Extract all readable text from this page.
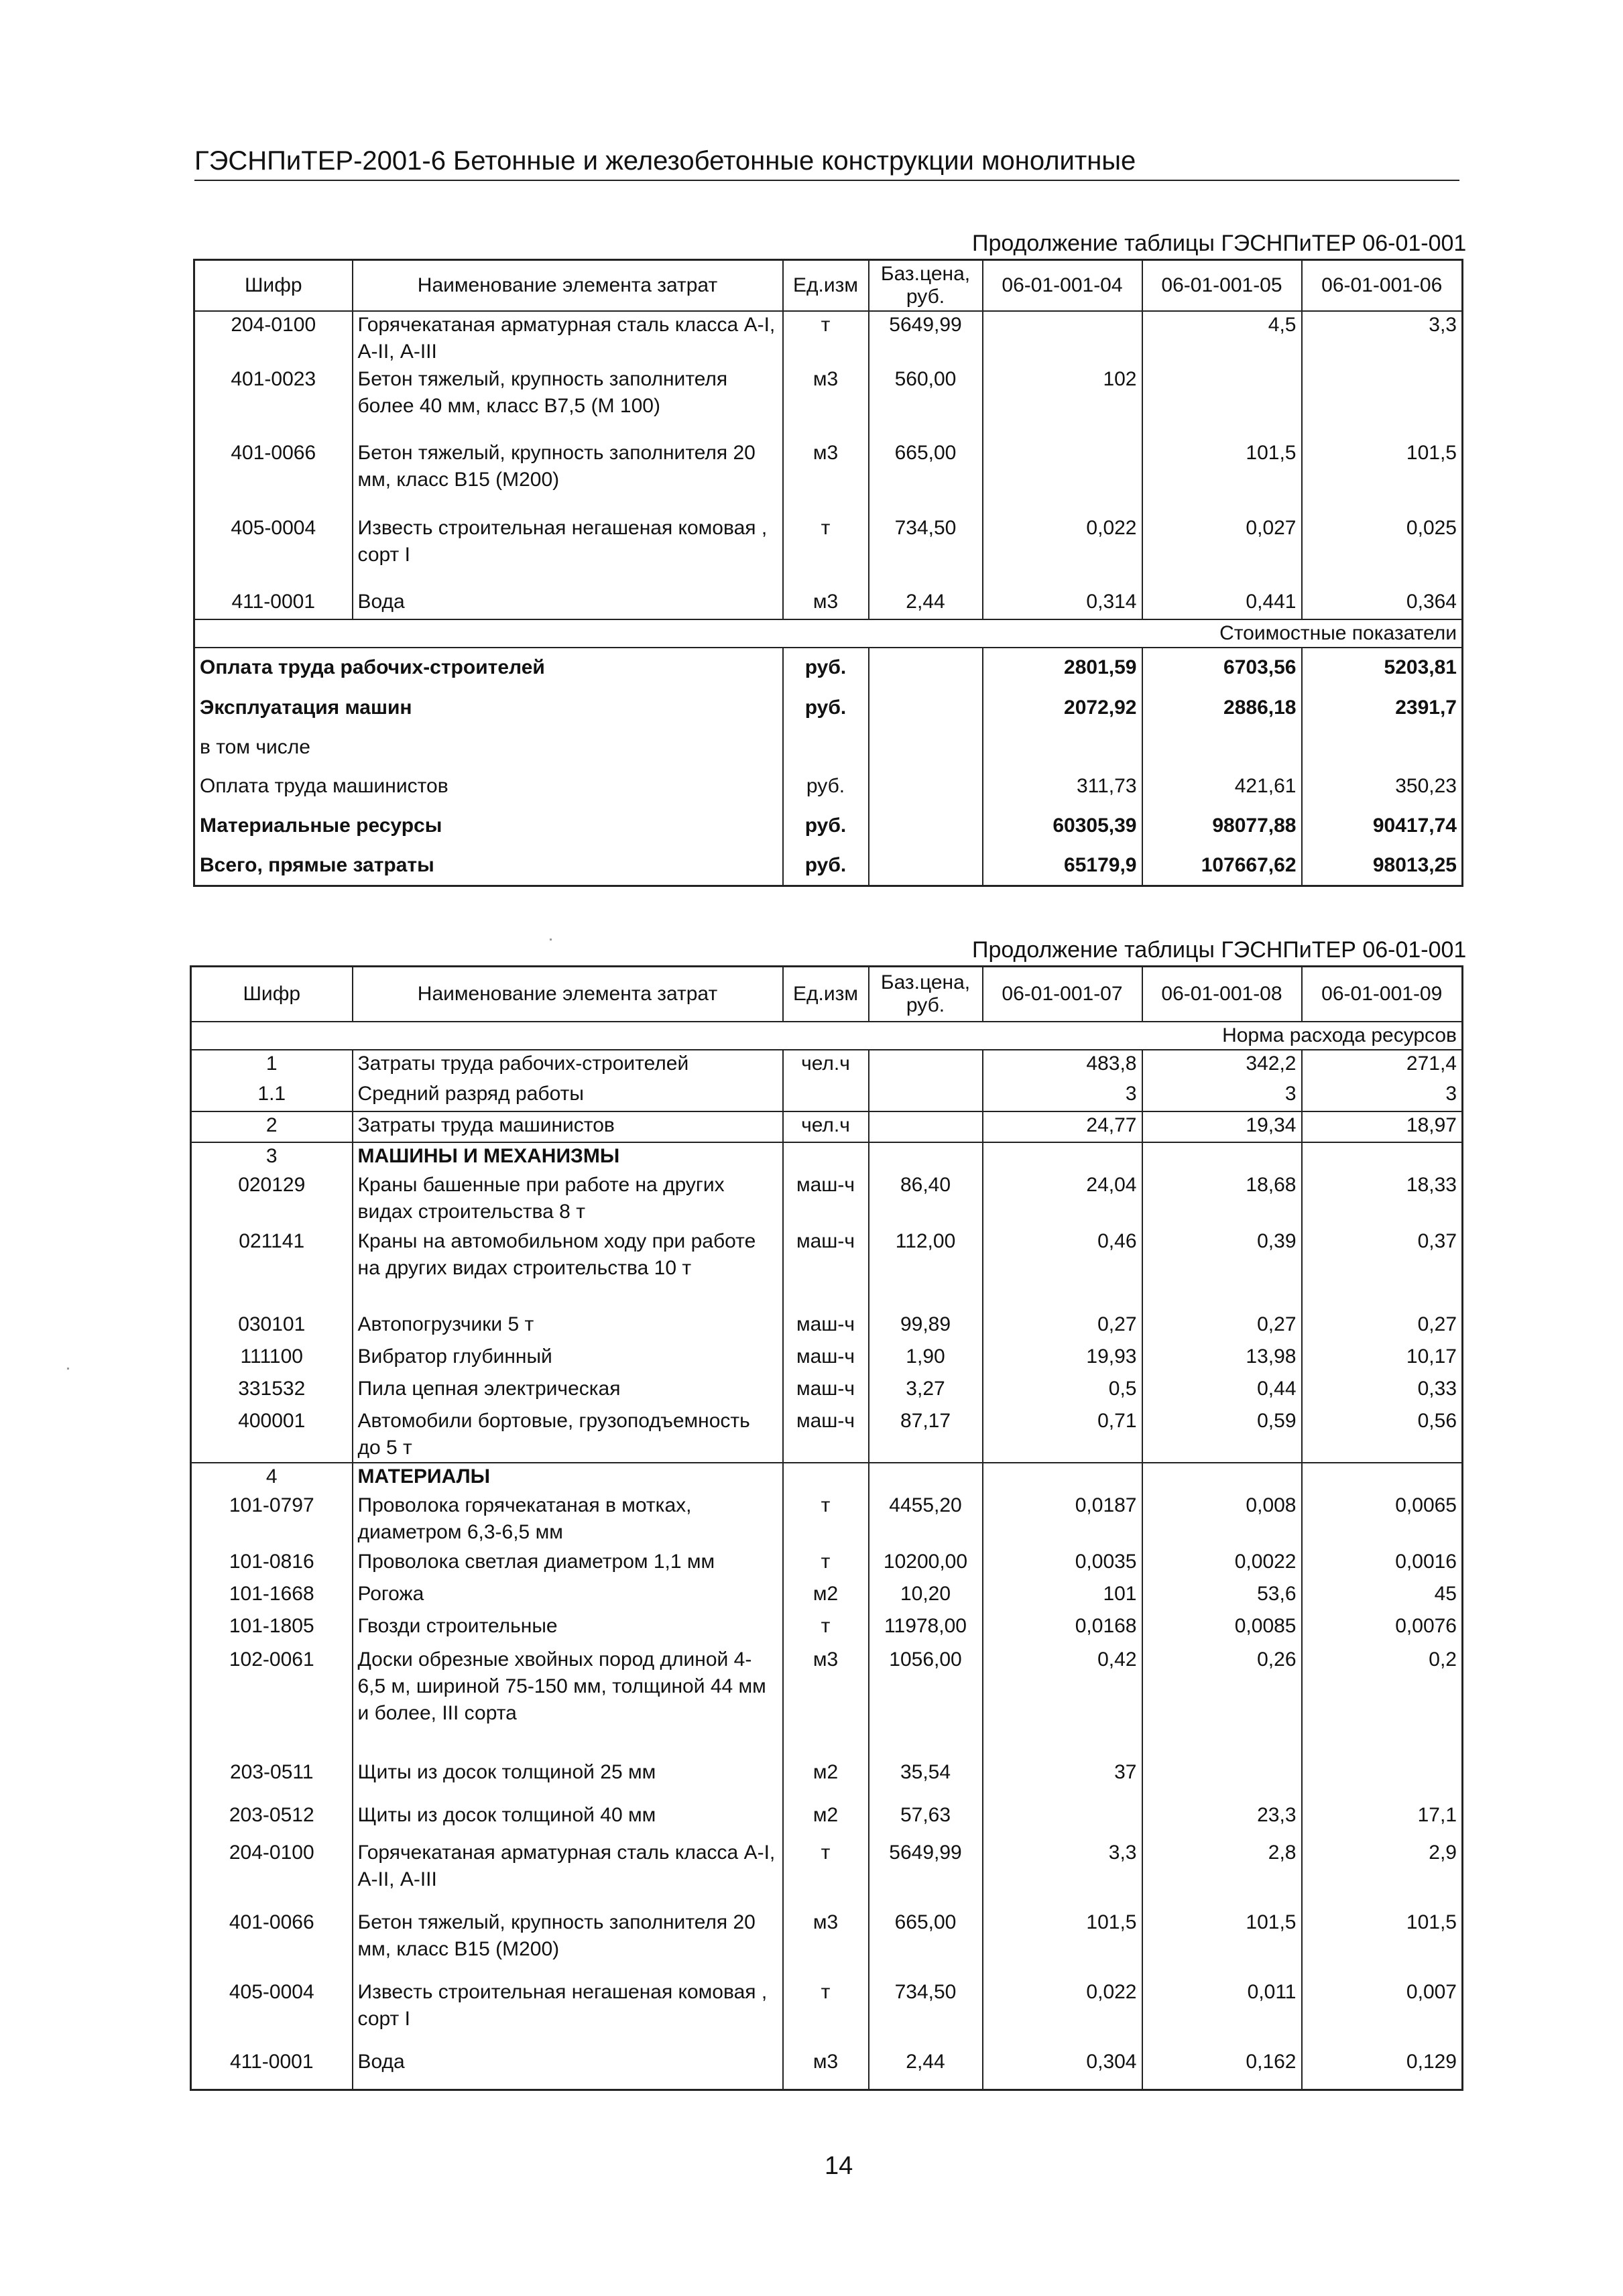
ГЭСНПиТЕР-2001-6 Бетонные и железобетонные конструкции монолитные
Продолжение таблицы ГЭСНПиТЕР 06-01-001
Шифр	Наименование элемента затрат	Ед.изм	Баз.цена, руб.	06-01-001-04	06-01-001-05	06-01-001-06
204-0100	Горячекатаная арматурная сталь класса А-I, А-II, А-III	т	5649,99		4,5	3,3
401-0023	Бетон тяжелый, крупность заполнителя более 40 мм, класс В7,5 (М 100)	м3	560,00	102		
401-0066	Бетон тяжелый, крупность заполнителя 20 мм, класс В15 (М200)	м3	665,00		101,5	101,5
405-0004	Известь строительная негашеная комовая , сорт I	т	734,50	0,022	0,027	0,025
411-0001	Вода	м3	2,44	0,314	0,441	0,364
Стоимостные показатели						
Оплата труда рабочих-строителей		руб.		2801,59	6703,56	5203,81
Эксплуатация машин		руб.		2072,92	2886,18	2391,7
в том числе						
Оплата труда машинистов		руб.		311,73	421,61	350,23
Материальные ресурсы		руб.		60305,39	98077,88	90417,74
Всего, прямые затраты		руб.		65179,9	107667,62	98013,25
Продолжение таблицы ГЭСНПиТЕР 06-01-001
Шифр	Наименование элемента затрат	Ед.изм	Баз.цена, руб.	06-01-001-07	06-01-001-08	06-01-001-09
Норма расхода ресурсов						
1	Затраты труда рабочих-строителей	чел.ч		483,8	342,2	271,4
1.1	Средний разряд работы			3	3	3
2	Затраты труда машинистов	чел.ч		24,77	19,34	18,97
3	МАШИНЫ И МЕХАНИЗМЫ					
020129	Краны башенные при работе на других видах строительства 8 т	маш-ч	86,40	24,04	18,68	18,33
021141	Краны на автомобильном ходу при работе на других видах строительства 10 т	маш-ч	112,00	0,46	0,39	0,37
030101	Автопогрузчики 5 т	маш-ч	99,89	0,27	0,27	0,27
111100	Вибратор глубинный	маш-ч	1,90	19,93	13,98	10,17
331532	Пила цепная электрическая	маш-ч	3,27	0,5	0,44	0,33
400001	Автомобили бортовые, грузоподъемность до 5 т	маш-ч	87,17	0,71	0,59	0,56
4	МАТЕРИАЛЫ					
101-0797	Проволока горячекатаная в мотках, диаметром 6,3-6,5 мм	т	4455,20	0,0187	0,008	0,0065
101-0816	Проволока светлая диаметром 1,1 мм	т	10200,00	0,0035	0,0022	0,0016
101-1668	Рогожа	м2	10,20	101	53,6	45
101-1805	Гвозди строительные	т	11978,00	0,0168	0,0085	0,0076
102-0061	Доски обрезные хвойных пород длиной 4-6,5 м, шириной 75-150 мм, толщиной 44 мм и более, III сорта	м3	1056,00	0,42	0,26	0,2
203-0511	Щиты из досок толщиной 25 мм	м2	35,54	37		
203-0512	Щиты из досок толщиной 40 мм	м2	57,63		23,3	17,1
204-0100	Горячекатаная арматурная сталь класса А-I, А-II, А-III	т	5649,99	3,3	2,8	2,9
401-0066	Бетон тяжелый, крупность заполнителя 20 мм, класс В15 (М200)	м3	665,00	101,5	101,5	101,5
405-0004	Известь строительная негашеная комовая , сорт I	т	734,50	0,022	0,011	0,007
411-0001	Вода	м3	2,44	0,304	0,162	0,129
14
